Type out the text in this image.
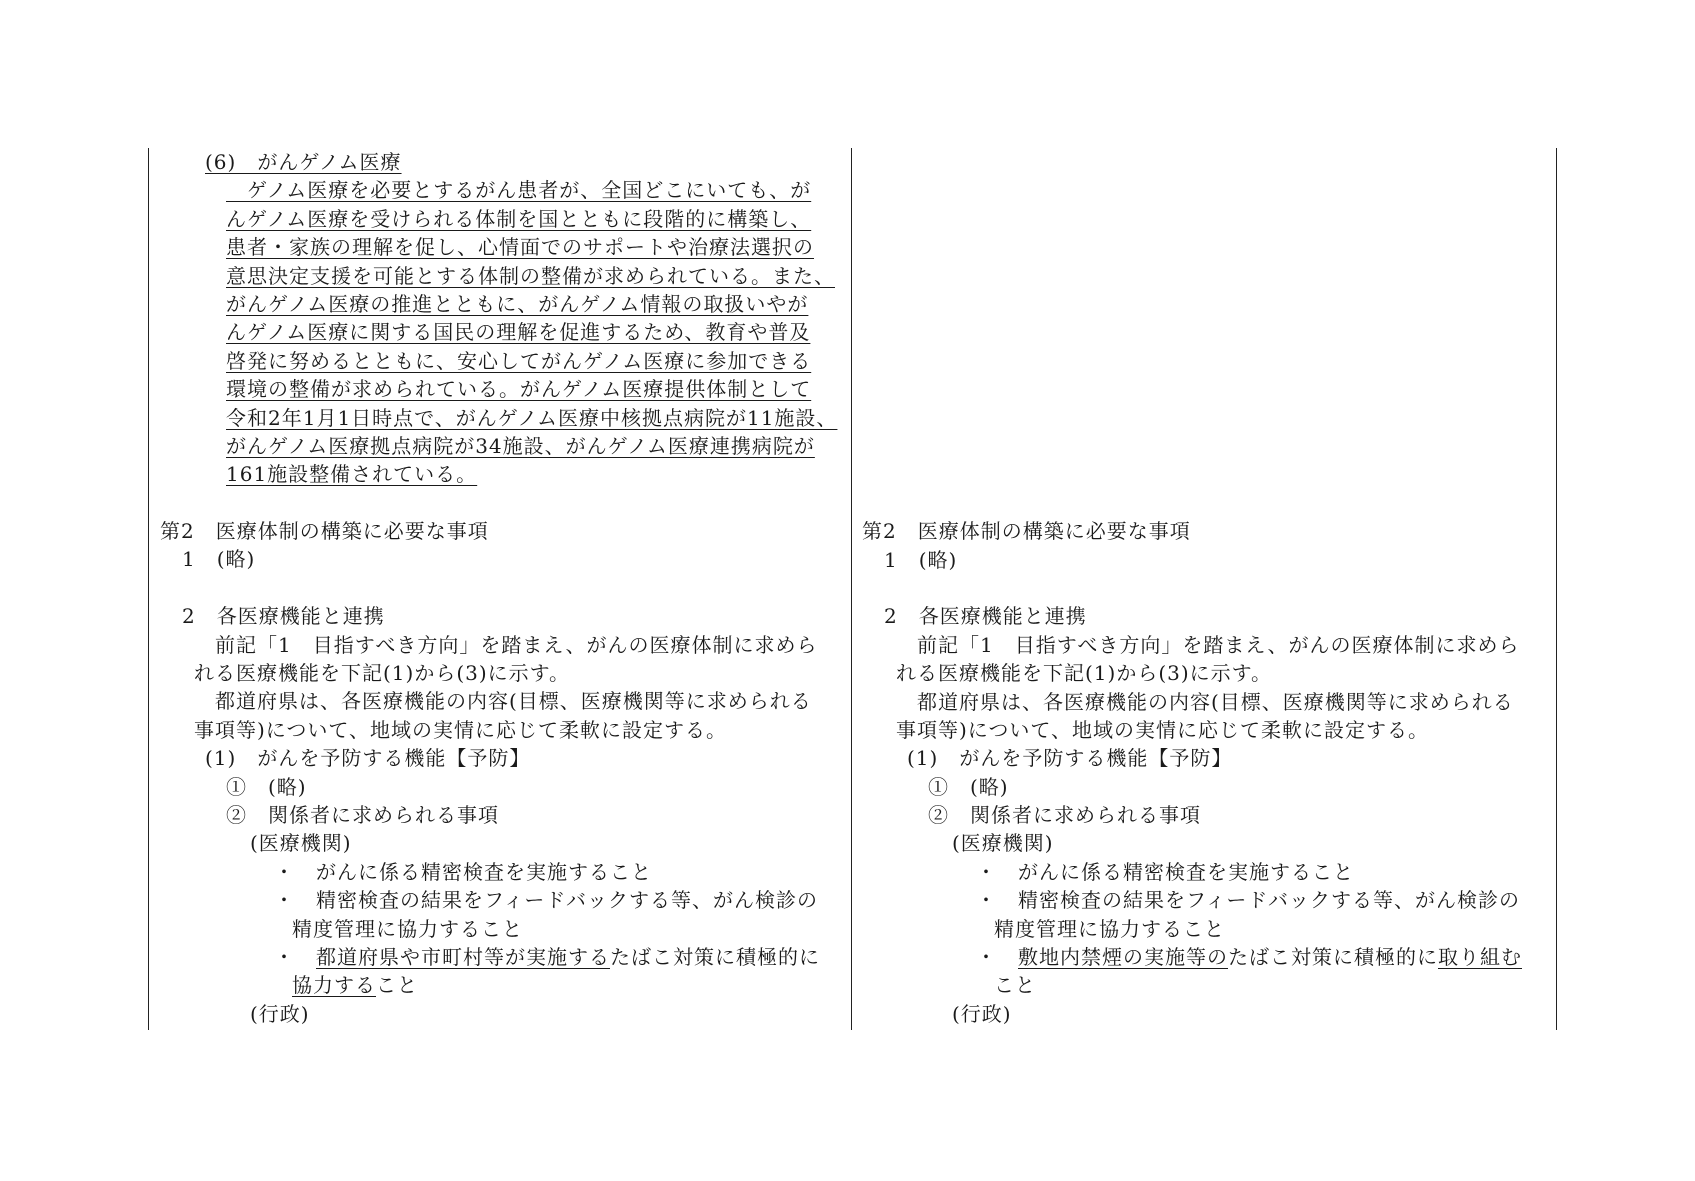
(6)　がんゲノム医療
　ゲノム医療を必要とするがん患者が、全国どこにいても、が
んゲノム医療を受けられる体制を国とともに段階的に構築し、
患者・家族の理解を促し、心情面でのサポートや治療法選択の
意思決定支援を可能とする体制の整備が求められている。また、
がんゲノム医療の推進とともに、がんゲノム情報の取扱いやが
んゲノム医療に関する国民の理解を促進するため、教育や普及
啓発に努めるとともに、安心してがんゲノム医療に参加できる
環境の整備が求められている。がんゲノム医療提供体制として
令和2年1月1日時点で、がんゲノム医療中核拠点病院が11施設、
がんゲノム医療拠点病院が34施設、がんゲノム医療連携病院が
161施設整備されている。
第2　医療体制の構築に必要な事項
1　(略)
2　各医療機能と連携
前記「1　目指すべき方向」を踏まえ、がんの医療体制に求めら
れる医療機能を下記(1)から(3)に示す。
都道府県は、各医療機能の内容(目標、医療機関等に求められる
事項等)について、地域の実情に応じて柔軟に設定する。
(1)　がんを予防する機能【予防】
①　(略)
②　関係者に求められる事項
(医療機関)
・　がんに係る精密検査を実施すること
・　精密検査の結果をフィードバックする等、がん検診の
精度管理に協力すること
・　都道府県や市町村等が実施するたばこ対策に積極的に
協力すること
(行政)
第2　医療体制の構築に必要な事項
1　(略)
2　各医療機能と連携
前記「1　目指すべき方向」を踏まえ、がんの医療体制に求めら
れる医療機能を下記(1)から(3)に示す。
都道府県は、各医療機能の内容(目標、医療機関等に求められる
事項等)について、地域の実情に応じて柔軟に設定する。
(1)　がんを予防する機能【予防】
①　(略)
②　関係者に求められる事項
(医療機関)
・　がんに係る精密検査を実施すること
・　精密検査の結果をフィードバックする等、がん検診の
精度管理に協力すること
・　敷地内禁煙の実施等のたばこ対策に積極的に取り組む
こと
(行政)
